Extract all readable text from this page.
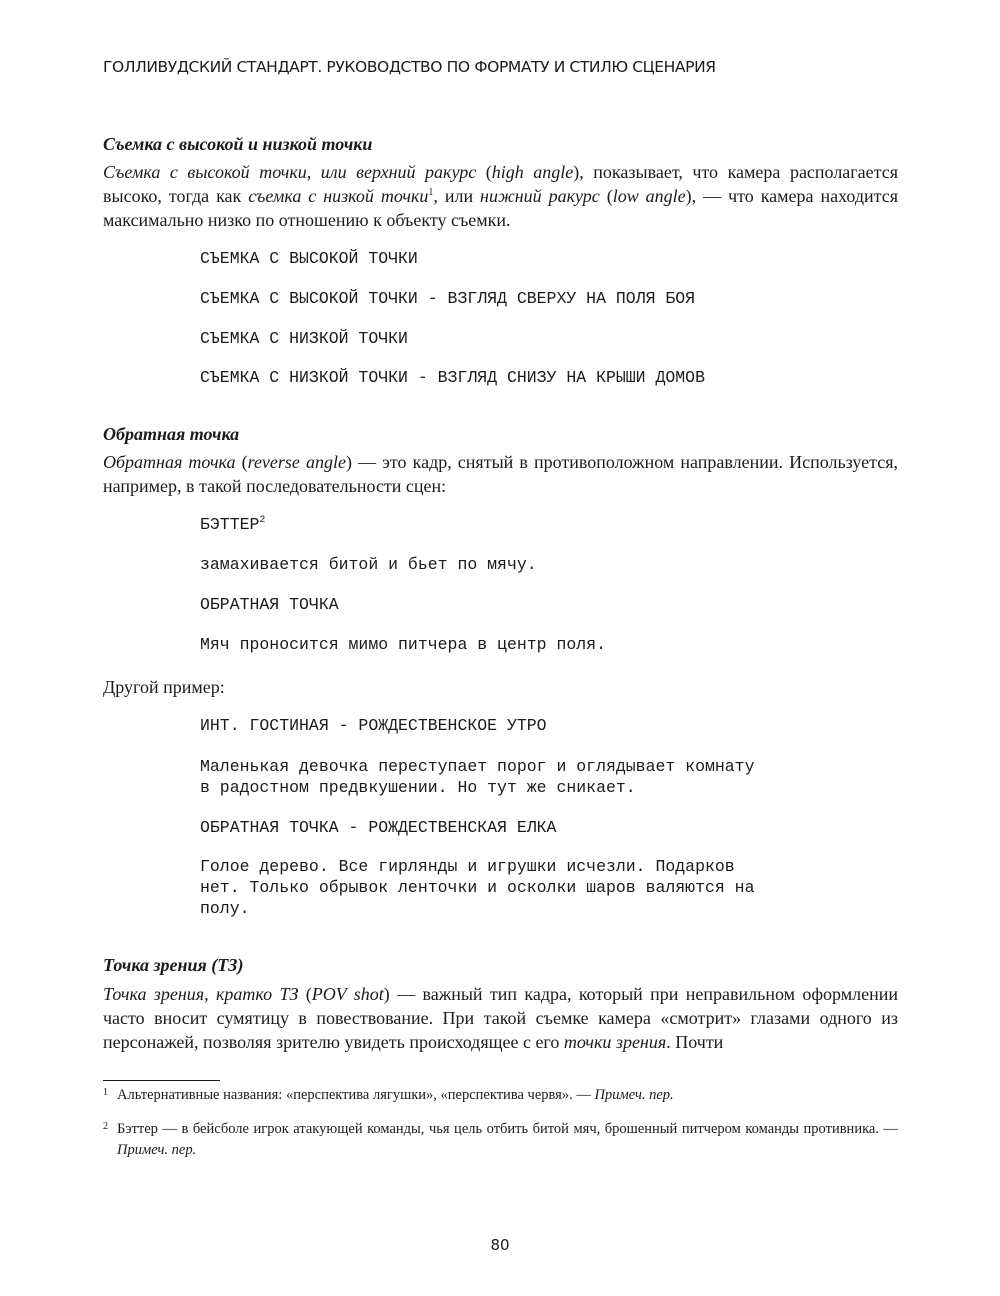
ГОЛЛИВУДСКИЙ СТАНДАРТ. РУКОВОДСТВО ПО ФОРМАТУ И СТИЛЮ СЦЕНАРИЯ
Съемка с высокой и низкой точки
Съемка с высокой точки, или верхний ракурс (high angle), показывает, что камера располагается высоко, тогда как съемка с низкой точки$^1$, или нижний ракурс (low angle), — что камера находится максимально низко по отношению к объекту съемки.
СЪЕМКА С ВЫСОКОЙ ТОЧКИ
СЪЕМКА С ВЫСОКОЙ ТОЧКИ - ВЗГЛЯД СВЕРХУ НА ПОЛЯ БОЯ
СЪЕМКА С НИЗКОЙ ТОЧКИ
СЪЕМКА С НИЗКОЙ ТОЧКИ - ВЗГЛЯД СНИЗУ НА КРЫШИ ДОМОВ
Обратная точка
Обратная точка (reverse angle) — это кадр, снятый в противоположном направлении. Используется, например, в такой последовательности сцен:
БЭТТЕР$^2$
замахивается битой и бьет по мячу.
ОБРАТНАЯ ТОЧКА
Мяч проносится мимо питчера в центр поля.
Другой пример:
ИНТ. ГОСТИНАЯ - РОЖДЕСТВЕНСКОЕ УТРО
Маленькая девочка переступает порог и оглядывает комнату
в радостном предвкушении. Но тут же сникает.
ОБРАТНАЯ ТОЧКА - РОЖДЕСТВЕНСКАЯ ЕЛКА
Голое дерево. Все гирлянды и игрушки исчезли. Подарков
нет. Только обрывок ленточки и осколки шаров валяются на
полу.
Точка зрения (ТЗ)
Точка зрения, кратко ТЗ (POV shot) — важный тип кадра, который при неправильном оформлении часто вносит сумятицу в повествование. При такой съемке камера «смотрит» глазами одного из персонажей, позволяя зрителю увидеть происходящее с его точки зрения. Почти
1 Альтернативные названия: «перспектива лягушки», «перспектива червя». — Примеч. пер.
2 Бэттер — в бейсболе игрок атакующей команды, чья цель отбить битой мяч, брошенный питчером команды противника. — Примеч. пер.
80
